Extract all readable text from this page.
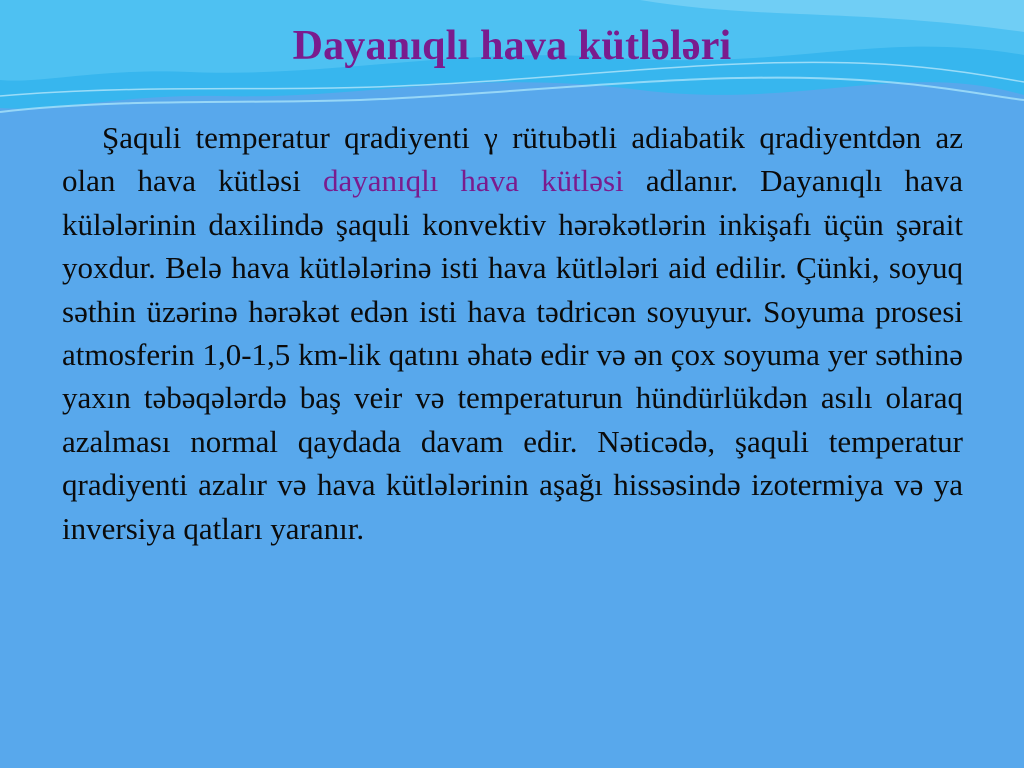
Dayanıqlı hava kütlələri

Şaquli temperatur qradiyenti γ rütubətli adiabatik qradiyentdən az olan hava kütləsi dayanıqlı hava kütləsi adlanır. Dayanıqlı hava külələrinin daxilində şaquli konvektiv hərəkətlərin inkişafı üçün şərait yoxdur. Belə hava kütlələrinə isti hava kütlələri aid edilir. Çünki, soyuq səthin üzərinə hərəkət edən isti hava tədricən soyuyur. Soyuma prosesi atmosferin 1,0-1,5 km-lik qatını əhatə edir və ən çox soyuma yer səthinə yaxın təbəqələrdə baş veir və temperaturun hündürlükdən asılı olaraq azalması normal qaydada davam edir. Nəticədə, şaquli temperatur qradiyenti azalır və hava kütlələrinin aşağı hissəsində izotermiya və ya inversiya qatları yaranır.
